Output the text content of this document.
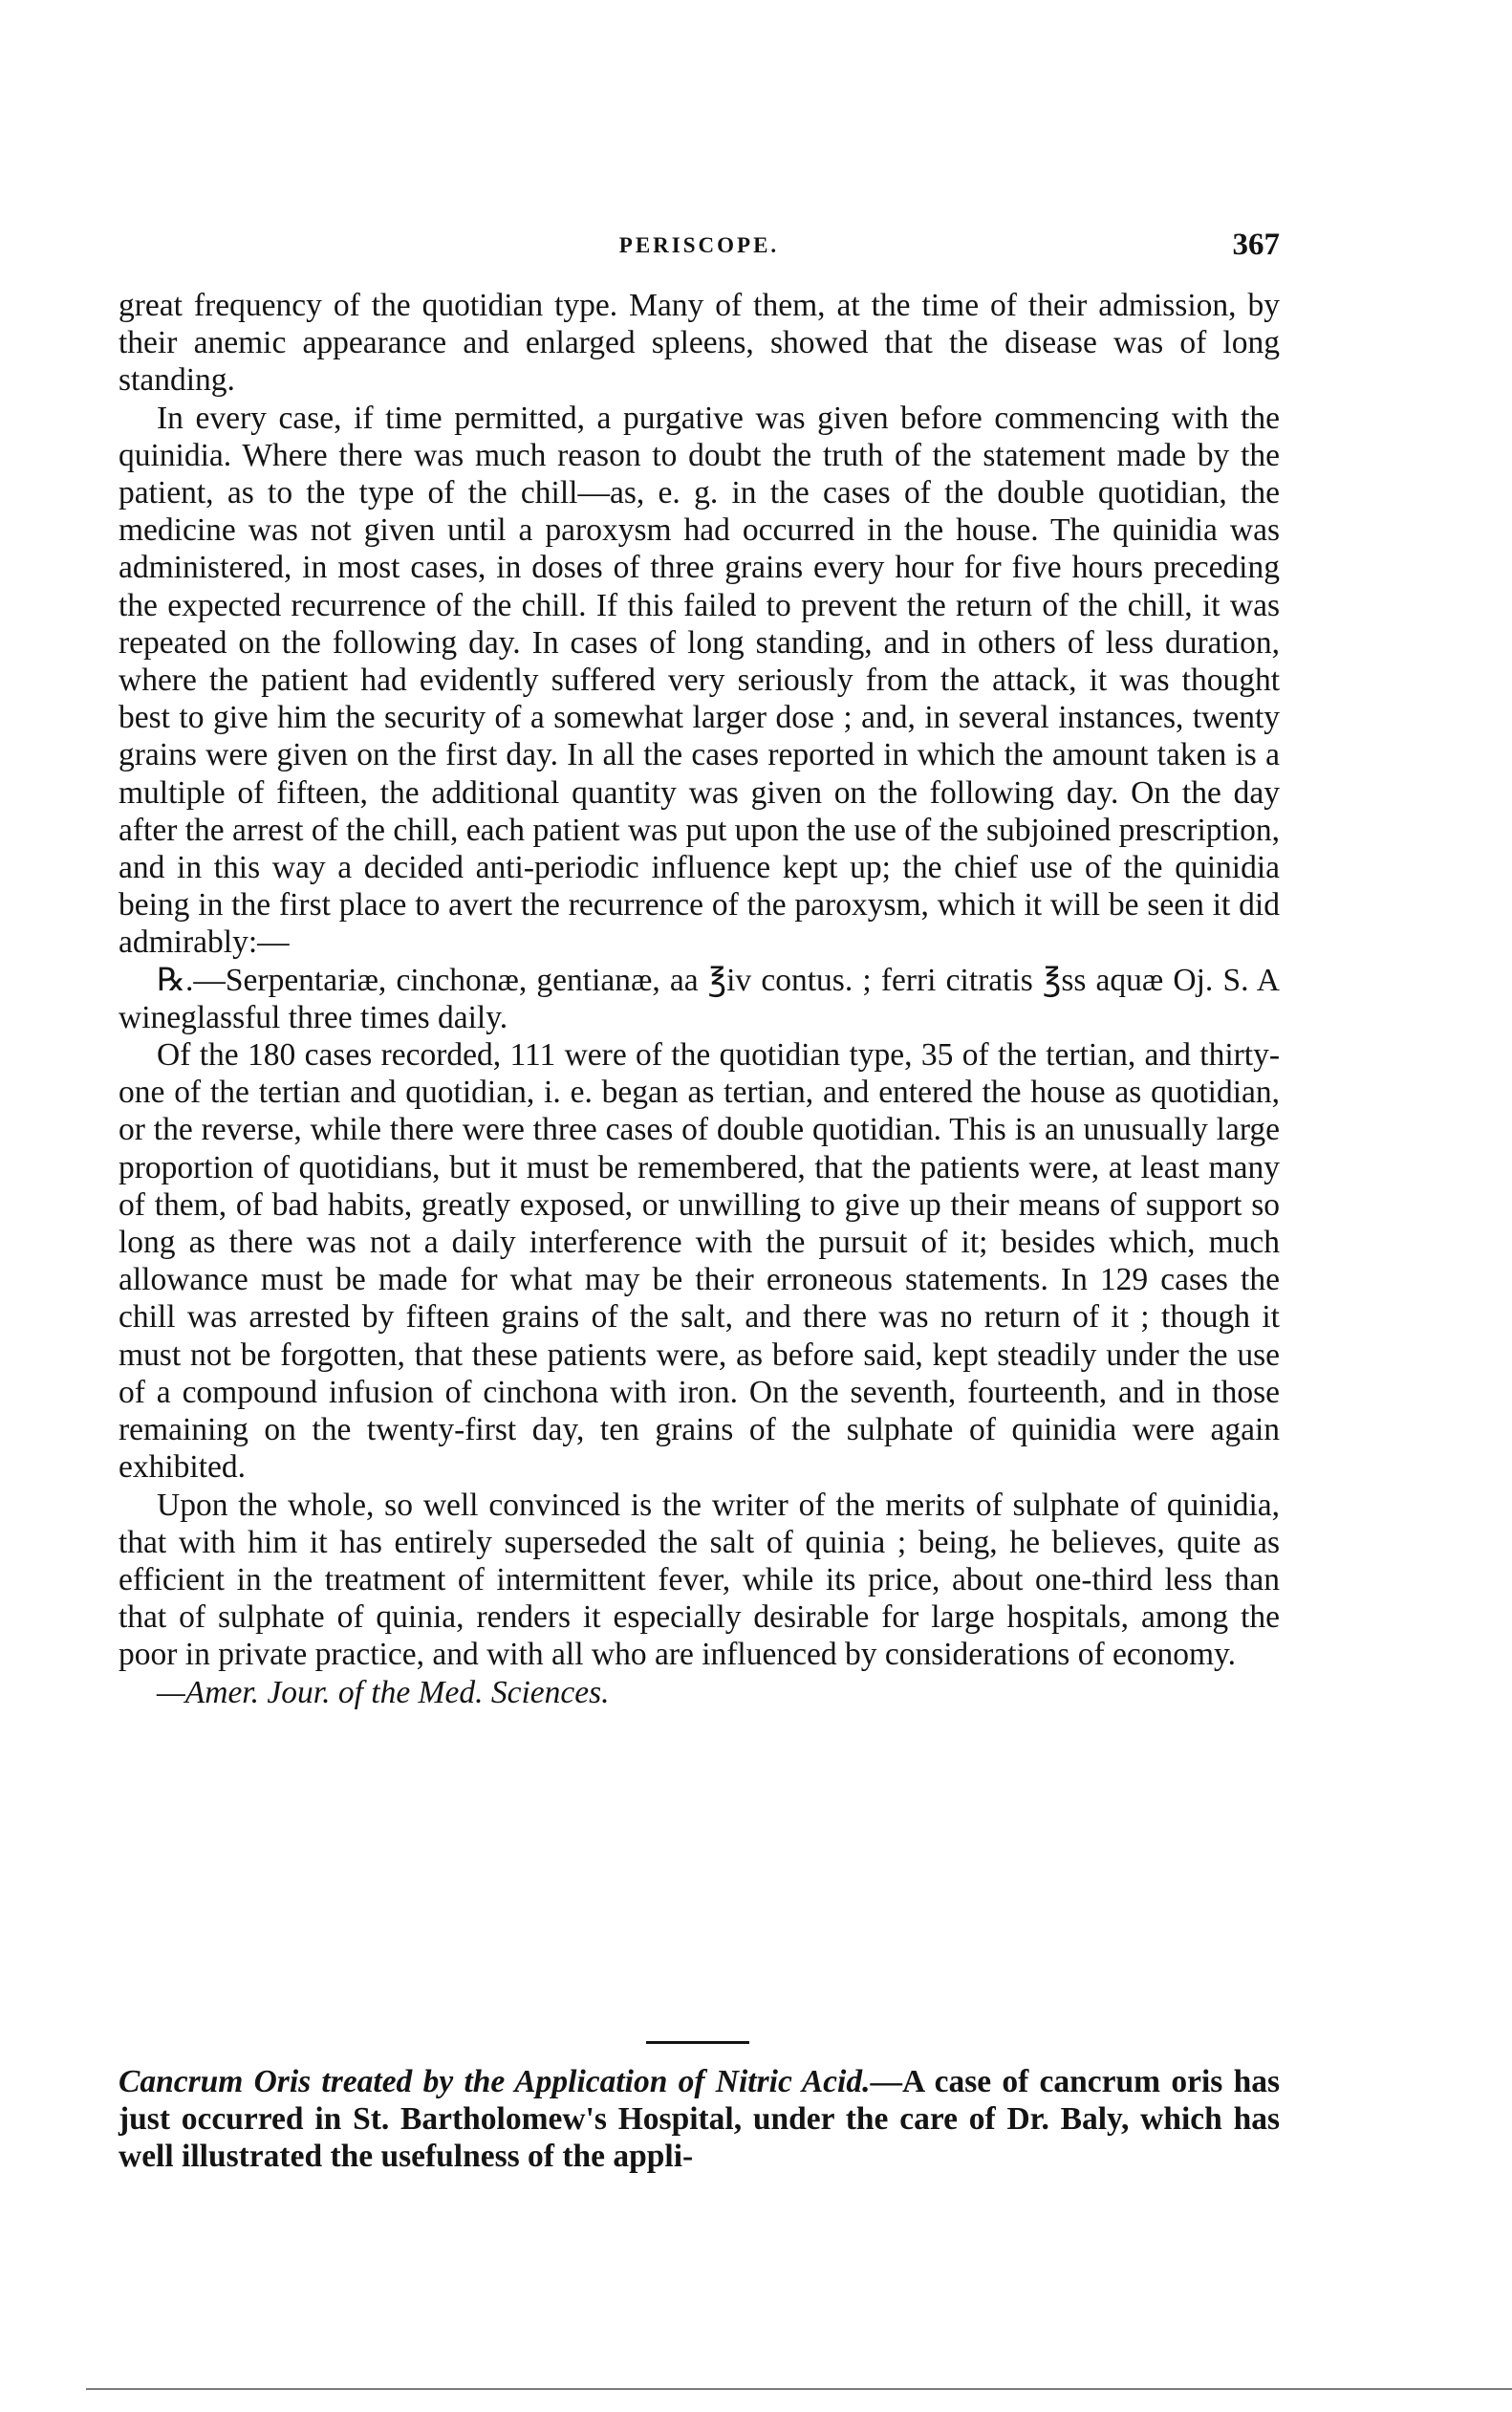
PERISCOPE.	367

great frequency of the quotidian type. Many of them, at the time of their admission, by their anemic appearance and enlarged spleens, showed that the disease was of long standing.

In every case, if time permitted, a purgative was given before commencing with the quinidia. Where there was much reason to doubt the truth of the statement made by the patient, as to the type of the chill—as, e. g. in the cases of the double quotidian, the medicine was not given until a paroxysm had occurred in the house. The quinidia was administered, in most cases, in doses of three grains every hour for five hours preceding the expected recurrence of the chill. If this failed to prevent the return of the chill, it was repeated on the following day. In cases of long standing, and in others of less duration, where the patient had evidently suffered very seriously from the attack, it was thought best to give him the security of a somewhat larger dose ; and, in several instances, twenty grains were given on the first day. In all the cases reported in which the amount taken is a multiple of fifteen, the additional quantity was given on the following day. On the day after the arrest of the chill, each patient was put upon the use of the subjoined prescription, and in this way a decided anti-periodic influence kept up; the chief use of the quinidia being in the first place to avert the recurrence of the paroxysm, which it will be seen it did admirably:—

℞.—Serpentariæ, cinchonæ, gentianæ, aa ℥iv contus. ; ferri citratis ℥ss aquæ Oj. S. A wineglassful three times daily.

Of the 180 cases recorded, 111 were of the quotidian type, 35 of the tertian, and thirty-one of the tertian and quotidian, i. e. began as tertian, and entered the house as quotidian, or the reverse, while there were three cases of double quotidian. This is an unusually large proportion of quotidians, but it must be remembered, that the patients were, at least many of them, of bad habits, greatly exposed, or unwilling to give up their means of support so long as there was not a daily interference with the pursuit of it; besides which, much allowance must be made for what may be their erroneous statements. In 129 cases the chill was arrested by fifteen grains of the salt, and there was no return of it ; though it must not be forgotten, that these patients were, as before said, kept steadily under the use of a compound infusion of cinchona with iron. On the seventh, fourteenth, and in those remaining on the twenty-first day, ten grains of the sulphate of quinidia were again exhibited.

Upon the whole, so well convinced is the writer of the merits of sulphate of quinidia, that with him it has entirely superseded the salt of quinia ; being, he believes, quite as efficient in the treatment of intermittent fever, while its price, about one-third less than that of sulphate of quinia, renders it especially desirable for large hospitals, among the poor in private practice, and with all who are influenced by considerations of economy.

—Amer. Jour. of the Med. Sciences.

Cancrum Oris treated by the Application of Nitric Acid.—A case of cancrum oris has just occurred in St. Bartholomew's Hospital, under the care of Dr. Baly, which has well illustrated the usefulness of the appli-
